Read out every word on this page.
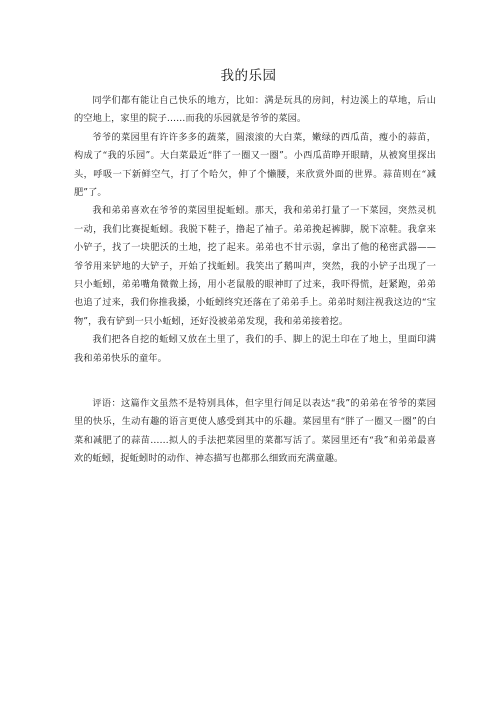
我的乐园

同学们都有能让自己快乐的地方，比如：满是玩具的房间，村边溪上的草地，后山的空地上，家里的院子……而我的乐园就是爷爷的菜园。

爷爷的菜园里有许许多多的蔬菜，圆滚滚的大白菜，嫩绿的西瓜苗，瘦小的蒜苗，构成了“我的乐园”。大白菜最近“胖了一圈又一圈”。小西瓜苗睁开眼睛，从被窝里探出头，呼吸一下新鲜空气，打了个哈欠，伸了个懒腰，来欣赏外面的世界。蒜苗则在“减肥”了。

我和弟弟喜欢在爷爷的菜园里捉蚯蚓。那天，我和弟弟打量了一下菜园，突然灵机一动，我们比赛捉蚯蚓。我脱下鞋子，撸起了袖子。弟弟挽起裤脚，脱下凉鞋。我拿来小铲子，找了一块肥沃的土地，挖了起来。弟弟也不甘示弱，拿出了他的秘密武器——爷爷用来铲地的大铲子，开始了找蚯蚓。我笑出了鹅叫声，突然，我的小铲子出现了一只小蚯蚓，弟弟嘴角微微上扬，用小老鼠般的眼神盯了过来，我吓得慌，赶紧跑，弟弟也追了过来，我们你推我搡，小蚯蚓终究还落在了弟弟手上。弟弟时刻注视我这边的“宝物”，我有铲到一只小蚯蚓，还好没被弟弟发现，我和弟弟接着挖。

我们把各自挖的蚯蚓又放在土里了，我们的手、脚上的泥土印在了地上，里面印满我和弟弟快乐的童年。

评语：这篇作文虽然不是特别具体，但字里行间足以表达“我”的弟弟在爷爷的菜园里的快乐，生动有趣的语言更使人感受到其中的乐趣。菜园里有“胖了一圈又一圈”的白菜和减肥了的蒜苗……拟人的手法把菜园里的菜都写活了。菜园里还有“我”和弟弟最喜欢的蚯蚓，捉蚯蚓时的动作、神态描写也都那么细致而充满童趣。
